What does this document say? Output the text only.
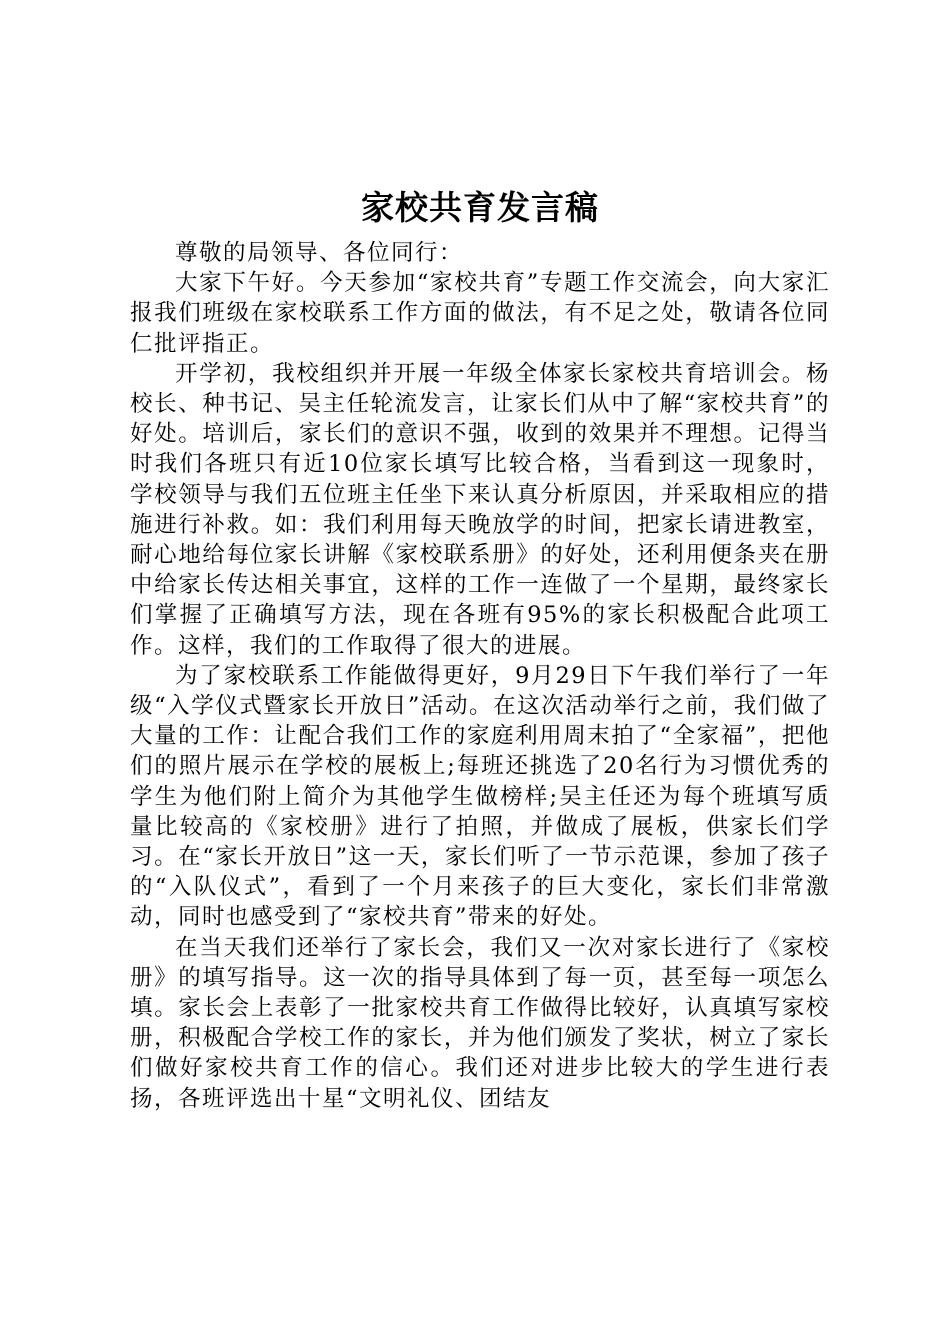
家校共育发言稿

尊敬的局领导、各位同行：

大家下午好。今天参加“家校共育”专题工作交流会，向大家汇报我们班级在家校联系工作方面的做法，有不足之处，敬请各位同仁批评指正。

开学初，我校组织并开展一年级全体家长家校共育培训会。杨校长、种书记、吴主任轮流发言，让家长们从中了解“家校共育”的好处。培训后，家长们的意识不强，收到的效果并不理想。记得当时我们各班只有近10位家长填写比较合格，当看到这一现象时，学校领导与我们五位班主任坐下来认真分析原因，并采取相应的措施进行补救。如：我们利用每天晚放学的时间，把家长请进教室，耐心地给每位家长讲解《家校联系册》的好处，还利用便条夹在册中给家长传达相关事宜，这样的工作一连做了一个星期，最终家长们掌握了正确填写方法，现在各班有95%的家长积极配合此项工作。这样，我们的工作取得了很大的进展。

为了家校联系工作能做得更好，9月29日下午我们举行了一年级“入学仪式暨家长开放日”活动。在这次活动举行之前，我们做了大量的工作：让配合我们工作的家庭利用周末拍了“全家福”，把他们的照片展示在学校的展板上;每班还挑选了20名行为习惯优秀的学生为他们附上简介为其他学生做榜样;吴主任还为每个班填写质量比较高的《家校册》进行了拍照，并做成了展板，供家长们学习。在“家长开放日”这一天，家长们听了一节示范课，参加了孩子的“入队仪式”，看到了一个月来孩子的巨大变化，家长们非常激动，同时也感受到了“家校共育”带来的好处。

在当天我们还举行了家长会，我们又一次对家长进行了《家校册》的填写指导。这一次的指导具体到了每一页，甚至每一项怎么填。家长会上表彰了一批家校共育工作做得比较好，认真填写家校册，积极配合学校工作的家长，并为他们颁发了奖状，树立了家长们做好家校共育工作的信心。我们还对进步比较大的学生进行表扬，各班评选出十星“文明礼仪、团结友
